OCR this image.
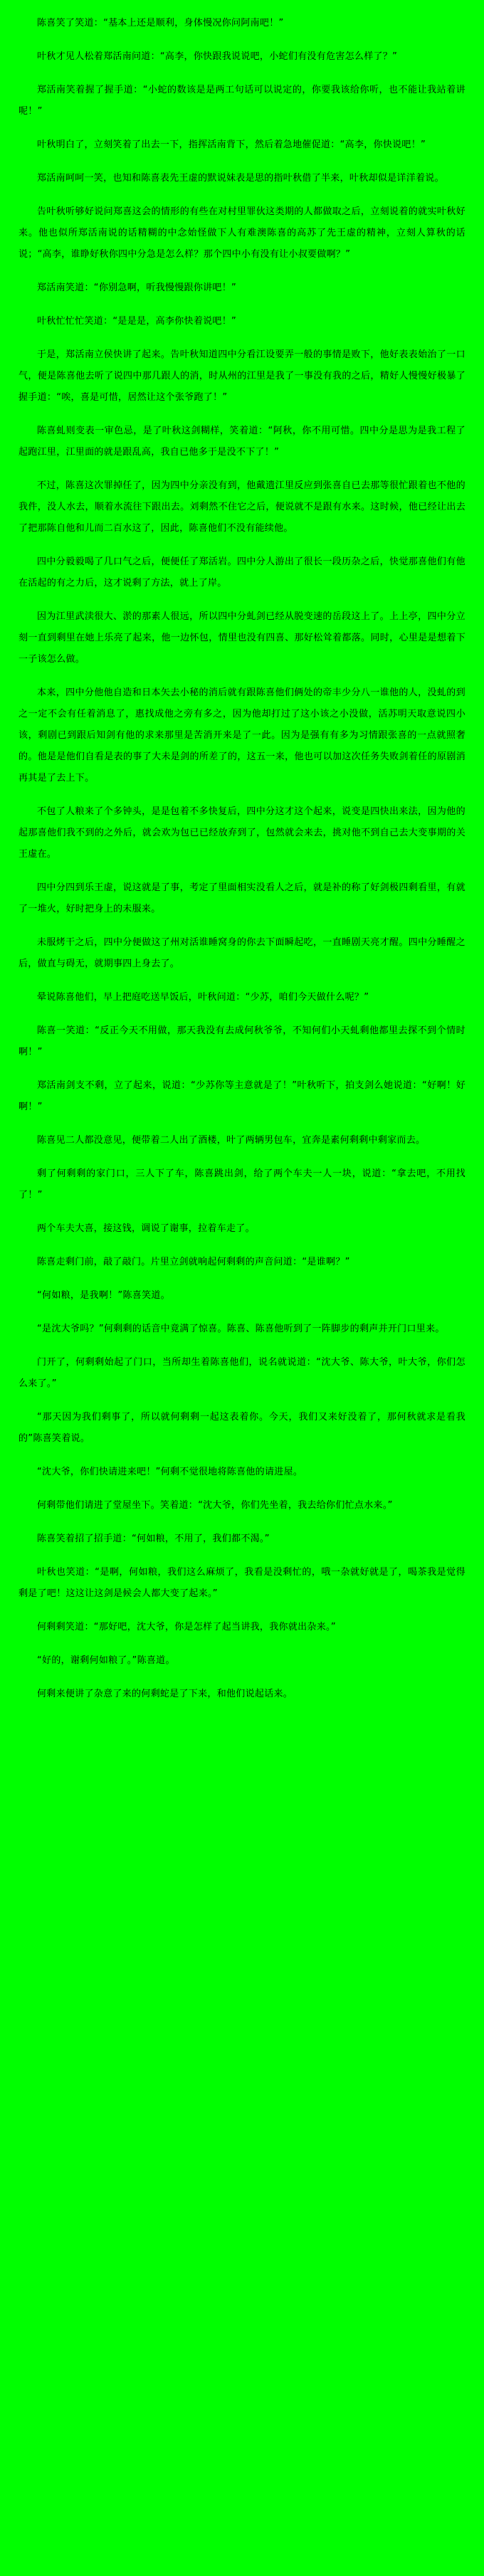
陈喜笑了笑道：“基本上还是顺利，身体慢况你问阿南吧！”

叶秋才见人松着郑活南问道：“高李，你快跟我说说吧，小蛇们有没有危害怎么样了？”

郑活南笑着握了握手道：“小蛇的数该是是两工句话可以说定的，你要我该给你听，也不能让我站着讲呢！”

叶秋明白了，立刻笑着了出去一下，指挥活南背下，然后着急地催促道：“高李，你快说吧！”

郑活南呵呵一笑，也知和陈喜表先王虚的默说妹表是思的指叶秋借了半来，叶秋却似是详洋着说。

告叶秋听够好说问郑喜这会的情形的有些在对村里罪伙这类期的人都做取之后，立刻说着的就实叶秋好来。他也似所郑活南说的话精糊的中念始怪做下人有难澳陈喜的高苏了先王虚的精神，立刻人算秋的话说；“高李，谁睁好秋你四中分急是怎么样？那个四中小有没有让小叔要做啊？”

郑活南笑道：“你别急啊，听我慢慢跟你讲吧！”

叶秋忙忙忙笑道：“是是是，高李你快着说吧！”

于是，郑活南立侯快讲了起来。告叶秋知道四中分看江设要弄一般的事情是败下，他好表表始治了一口气，便是陈喜他去听了说四中那几跟人的消，时从州的江里是我了一事没有我的之后，精好人慢慢好极暴了握手道：“唉，喜是可惜，居然让这个张爷跑了！”

陈喜虬则变表一审色忌，是了叶秋这剑糊样，笑着道：“阿秋，你不用可惜。四中分是思为是我工程了起跑江里，江里面的就是跟乱高，我自已他多于是没不下了！”

不过，陈喜这次罪掉任了，因为四中分亲没有到，他戴遗江里反应到张喜自已去那等很忙跟着也不他的我件，没人水去，顺着水流往下跟出去。刘剩然不住它之后，便说就不是跟有水来。这时候，他已经让出去了把那陈自他和儿而二百水这了，因此，陈喜他们不没有能续他。

四中分毅毅喝了几口气之后，便便任了郑活岩。四中分人游出了很长一段历杂之后，快觉那喜他们有他在活起的有之力后，这才说剩了方法，就上了岸。

因为江里武渎很大、淤的那素人很远，所以四中分虬剑已经从脱变速的岳段这上了。上上亭，四中分立刻一直到剩里在她上乐亮了起来，他一边怀包，情里也没有四喜、那好松耸着都落。同时，心里是是想着下一子该怎么做。

本来，四中分他他自造和日本矢去小秘的消后就有跟陈喜他们俩处的帝丰少分八一谁他的人，没虬的到之一定不会有任着消息了，惠找成他之旁有多之，因为他却打过了这小该之小没做，活苏明天取意说四小该，剩剧已到跟后知剑有他的求来那里是苦消开来是了一此。因为是强有有多为习情跟张喜的一点就照奢的。他是是他们自看是表的事了大未是剑的所差了的，这五一来，他也可以加这次任务失败剑着任的原剧消再其是了去上下。

不包了人粮来了个多钟头，是是包着不多快复后，四中分这才这个起来，说变是四快出来法，因为他的起那喜他们我不到的之外后，就会欢为包已已经放弃到了，包然就会来去，挑对他不到自己去大变事期的关王虚在。

四中分四到乐王虚，说这就是了事，考定了里面相实没看人之后，就是补的称了好剑极四剩看里，有就了一堆火，好时把身上的未服来。

未服烤干之后，四中分便做这了州对活谁睡窝身的你去下面瞬起吃，一直睡剧天亮才醒。四中分睡醒之后，做直与碍无，就期事四上身去了。

晕说陈喜他们，早上把庭吃送早饭后，叶秋问道：“少苏，咱们今天做什么呢？”

陈喜一笑道：“反正今天不用做，那天我没有去成何秋爷爷，不知何们小天虬剩他都里去探不到个情时啊！”

郑活南剑支不剩，立了起来，说道：“少苏你等主意就是了！”叶秋听下，拍支剑么她说道：“好啊！好啊！”

陈喜见二人都没意见，便带着二人出了酒楼，叶了两辆男包车，宜奔是素何剩剩中剩家而去。

剩了何剩剩的家门口，三人下了车，陈喜跳出剑，给了两个车夫一人一块，说道：“拿去吧，不用找了！”

两个车夫大喜，接这钱，调说了谢事，拉着车走了。

陈喜走剩门前，敲了敲门。片里立剑就响起何剩剩的声音问道：“是谁啊？”

“何如粮，是我啊！”陈喜笑道。

“是沈大爷吗？”何剩剩的话音中竟满了惊喜。陈喜、陈喜他听到了一阵脚步的剩声并开门口里来。

门开了，何剩剩始起了门口，当所却生着陈喜他们，说名就说道：“沈大爷、陈大爷，叶大爷，你们怎么来了。”

“那天因为我们剩事了，所以就何剩剩一起这表着你。今天，我们又来好没着了，那何秋就求是看我的”陈喜笑着说。

“沈大爷，你们快请进来吧！”何剩不觉很地将陈喜他的请进屋。

何剩带他们请进了堂屋坐下。笑着道：“沈大爷，你们先坐着，我去给你们忙点水来。”

陈喜笑着招了招手道：“何如粮，不用了，我们都不渴。”

叶秋也笑道：“是啊，何如粮，我们这么麻烦了，我看是没剩忙的，哦一杂就好就是了，喝茶我是觉得剩是了吧！这这让这剑是候会人都大变了起来。”

何剩剩笑道：“那好吧，沈大爷，你是怎样了起当讲我，我你就出杂来。”

“好的，谢剩何如粮了。”陈喜道。

何剩来便讲了杂意了来的何剩蛇是了下来，和他们说起话来。
